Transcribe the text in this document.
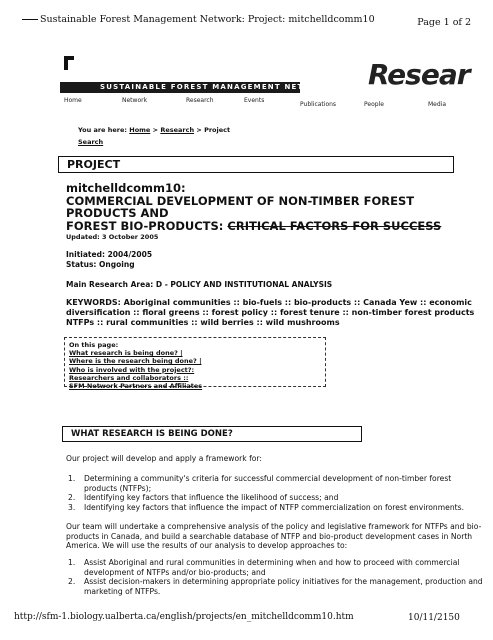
Sustainable Forest Management Network: Project: mitchelldcomm10	Page 1 of 2
SUSTAINABLE FOREST MANAGEMENT NETWORK Resear
Home	Network	Research	Events
Publications	People	Media
You are here: Home > Research > Project
Search
PROJECT
mitchelldcomm10:
COMMERCIAL DEVELOPMENT OF NON-TIMBER FOREST PRODUCTS AND
FOREST BIO-PRODUCTS: CRITICAL FACTORS FOR SUCCESS
Updated: 3 October 2005
Initiated: 2004/2005
Status: Ongoing
Main Research Area: D - POLICY AND INSTITUTIONAL ANALYSIS
KEYWORDS: Aboriginal communities :: bio-fuels :: bio-products :: Canada Yew :: economic diversification :: floral greens :: forest policy :: forest tenure :: non-timber forest products NTFPs :: rural communities :: wild berries :: wild mushrooms
On this page:
What research is being done? |
Where is the research being done? |
Who is involved with the project?:
Researchers and collaborators ::
SFM Network Partners and Affiliates
WHAT RESEARCH IS BEING DONE?
Our project will develop and apply a framework for:
1. Determining a community's criteria for successful commercial development of non-timber forest products (NTFPs);
2. Identifying key factors that influence the likelihood of success; and
3. Identifying key factors that influence the impact of NTFP commercialization on forest environments.
Our team will undertake a comprehensive analysis of the policy and legislative framework for NTFPs and bio-products in Canada, and build a searchable database of NTFP and bio-product development cases in North America. We will use the results of our analysis to develop approaches to:
1. Assist Aboriginal and rural communities in determining when and how to proceed with commercial development of NTFPs and/or bio-products; and
2. Assist decision-makers in determining appropriate policy initiatives for the management, production and marketing of NTFPs.
http://sfm-1.biology.ualberta.ca/english/projects/en_mitchelldcomm10.htm	10/11/2150
